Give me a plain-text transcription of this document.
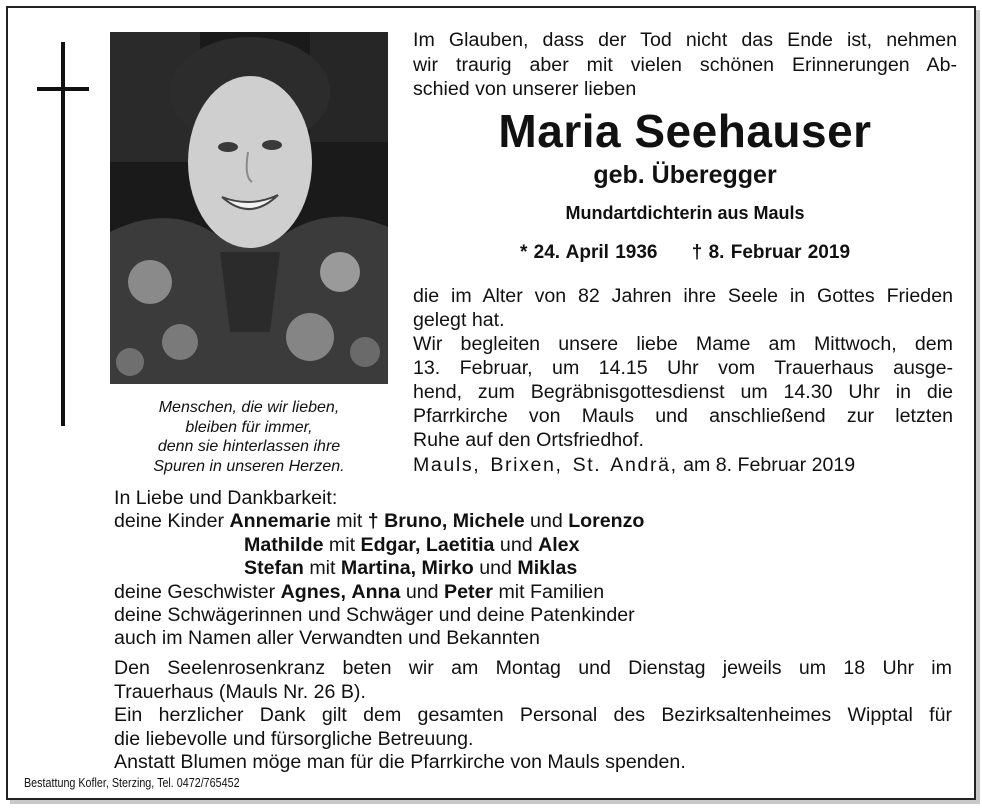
Menschen, die wir lieben,
bleiben für immer,
denn sie hinterlassen ihre
Spuren in unseren Herzen.
Im Glauben, dass der Tod nicht das Ende ist, nehmen
wir traurig aber mit vielen schönen Erinnerungen Ab-
schied von unserer lieben
Maria Seehauser
geb. Überegger
Mundartdichterin aus Mauls
* 24. April 1936 † 8. Februar 2019
die im Alter von 82 Jahren ihre Seele in Gottes Frieden
gelegt hat.
Wir begleiten unsere liebe Mame am Mittwoch, dem
13. Februar, um 14.15 Uhr vom Trauerhaus ausge-
hend, zum Begräbnisgottesdienst um 14.30 Uhr in die
Pfarrkirche von Mauls und anschließend zur letzten
Ruhe auf den Ortsfriedhof.
Mauls, Brixen, St. Andrä, am 8. Februar 2019
In Liebe und Dankbarkeit:
deine Kinder Annemarie mit † Bruno, Michele und Lorenzo
Mathilde mit Edgar, Laetitia und Alex
Stefan mit Martina, Mirko und Miklas
deine Geschwister Agnes, Anna und Peter mit Familien
deine Schwägerinnen und Schwäger und deine Patenkinder
auch im Namen aller Verwandten und Bekannten
Den Seelenrosenkranz beten wir am Montag und Dienstag jeweils um 18 Uhr im
Trauerhaus (Mauls Nr. 26 B).
Ein herzlicher Dank gilt dem gesamten Personal des Bezirksaltenheimes Wipptal für
die liebevolle und fürsorgliche Betreuung.
Anstatt Blumen möge man für die Pfarrkirche von Mauls spenden.
Bestattung Kofler, Sterzing, Tel. 0472/765452
